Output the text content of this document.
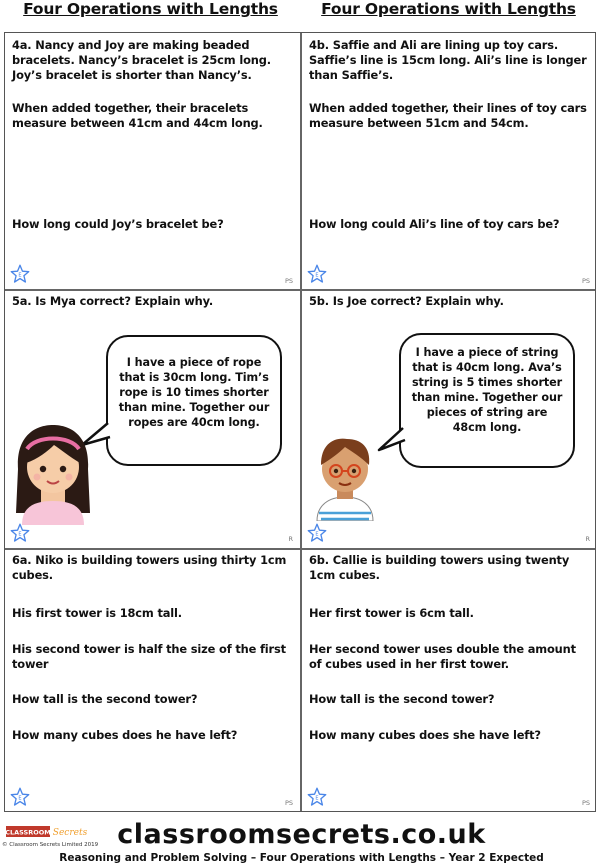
Four Operations with Lengths	Four Operations with Lengths
4a. Nancy and Joy are making beaded bracelets. Nancy’s bracelet is 25cm long. Joy’s bracelet is shorter than Nancy’s.
When added together, their bracelets measure between 41cm and 44cm long.
How long could Joy’s bracelet be?
E
PS
4b. Saffie and Ali are lining up toy cars. Saffie’s line is 15cm long. Ali’s line is longer than Saffie’s.
When added together, their lines of toy cars measure between 51cm and 54cm.
How long could Ali’s line of toy cars be?
E
PS
5a. Is Mya correct? Explain why.
I have a piece of rope that is 30cm long. Tim’s rope is 10 times shorter than mine. Together our ropes are 40cm long.
E
R
5b. Is Joe correct? Explain why.
I have a piece of string that is 40cm long. Ava’s string is 5 times shorter than mine. Together our pieces of string are 48cm long.
E
R
6a. Niko is building towers using thirty 1cm cubes.
His first tower is 18cm tall.
His second tower is half the size of the first tower
How tall is the second tower?
How many cubes does he have left?
E
PS
6b. Callie is building towers using twenty 1cm cubes.
Her first tower is 6cm tall.
Her second tower uses double the amount of cubes used in her first tower.
How tall is the second tower?
How many cubes does she have left?
E
PS
CLASSROOM Secrets
© Classroom Secrets Limited 2019 classroomsecrets.co.uk
Reasoning and Problem Solving – Four Operations with Lengths – Year 2 Expected
